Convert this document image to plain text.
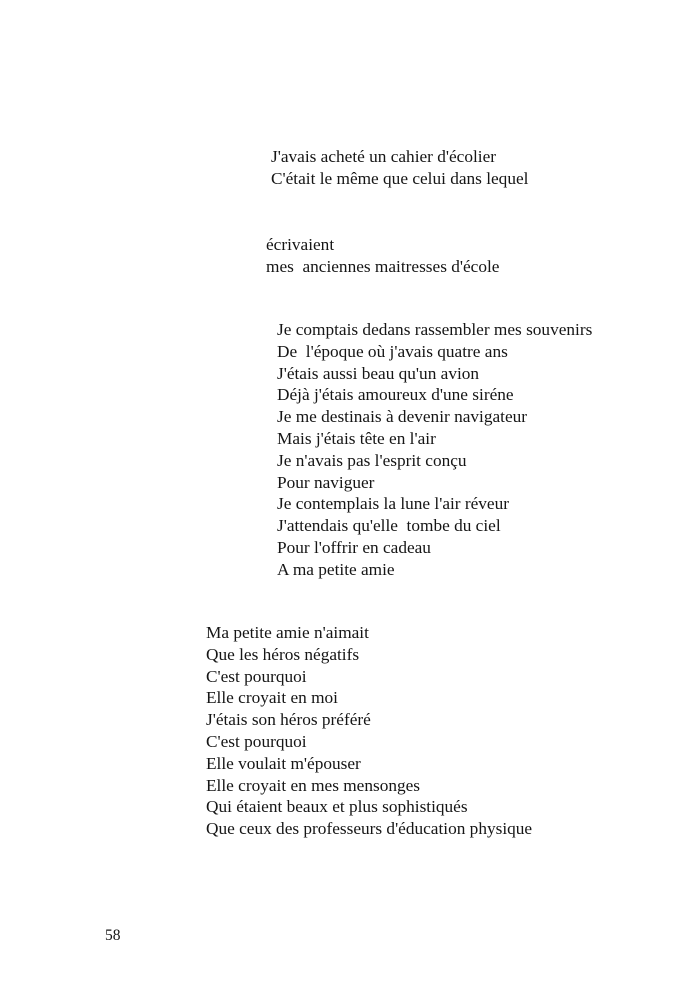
J'avais acheté un cahier d'écolier
C'était le même que celui dans lequel
écrivaient
mes  anciennes maitresses d'école
Je comptais dedans rassembler mes souvenirs
De  l'époque où j'avais quatre ans
J'étais aussi beau qu'un avion
Déjà j'étais amoureux d'une siréne
Je me destinais à devenir navigateur
Mais j'étais tête en l'air
Je n'avais pas l'esprit conçu
Pour naviguer
Je contemplais la lune l'air réveur
J'attendais qu'elle  tombe du ciel
Pour l'offrir en cadeau
A ma petite amie
Ma petite amie n'aimait
Que les héros négatifs
C'est pourquoi
Elle croyait en moi
J'étais son héros préféré
C'est pourquoi
Elle voulait m'épouser
Elle croyait en mes mensonges
Qui étaient beaux et plus sophistiqués
Que ceux des professeurs d'éducation physique
58
